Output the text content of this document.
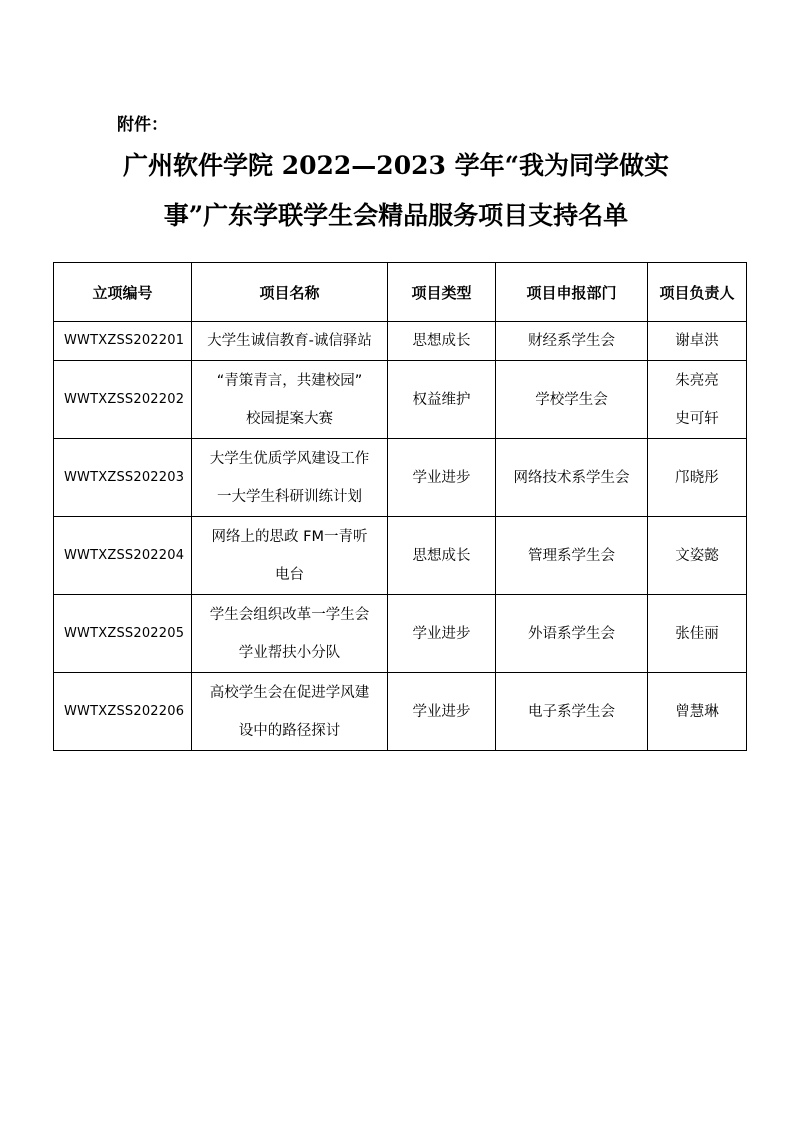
附件：
广州软件学院 2022—2023 学年“我为同学做实
事”广东学联学生会精品服务项目支持名单
立项编号	项目名称	项目类型	项目申报部门	项目负责人
WWTXZSS202201	大学生诚信教育-诚信驿站	思想成长	财经系学生会	谢卓洪

WWTXZSS202202	“青策青言，共建校园”
校园提案大赛	权益维护	学校学生会	朱亮亮
史可轩

WWTXZSS202203	大学生优质学风建设工作
一大学生科研训练计划	学业进步	网络技术系学生会	邝晓彤

WWTXZSS202204	网络上的思政 FM一青听
电台	思想成长	管理系学生会	文姿懿

WWTXZSS202205	学生会组织改革一学生会
学业帮扶小分队	学业进步	外语系学生会	张佳丽

WWTXZSS202206	高校学生会在促进学风建
设中的路径探讨	学业进步	电子系学生会	曾慧琳
